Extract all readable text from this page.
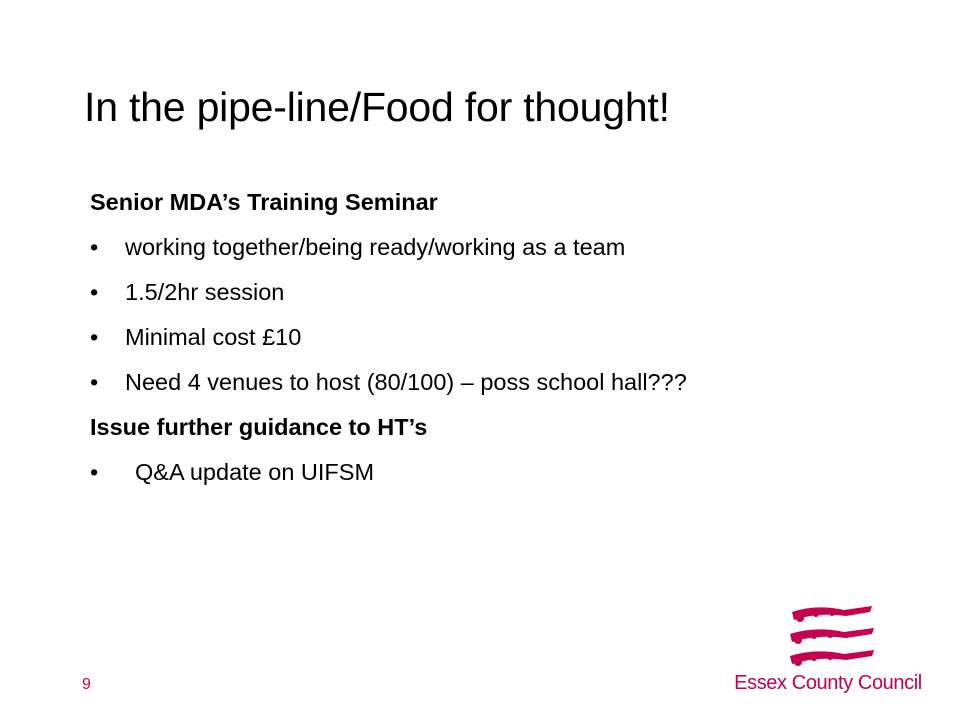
In the pipe-line/Food for thought!
Senior MDA’s Training Seminar
• working together/being ready/working as a team
• 1.5/2hr session
• Minimal cost £10
• Need 4 venues to host (80/100) – poss school hall???
Issue further guidance to HT’s
• Q&A update on UIFSM
9	Essex County Council
